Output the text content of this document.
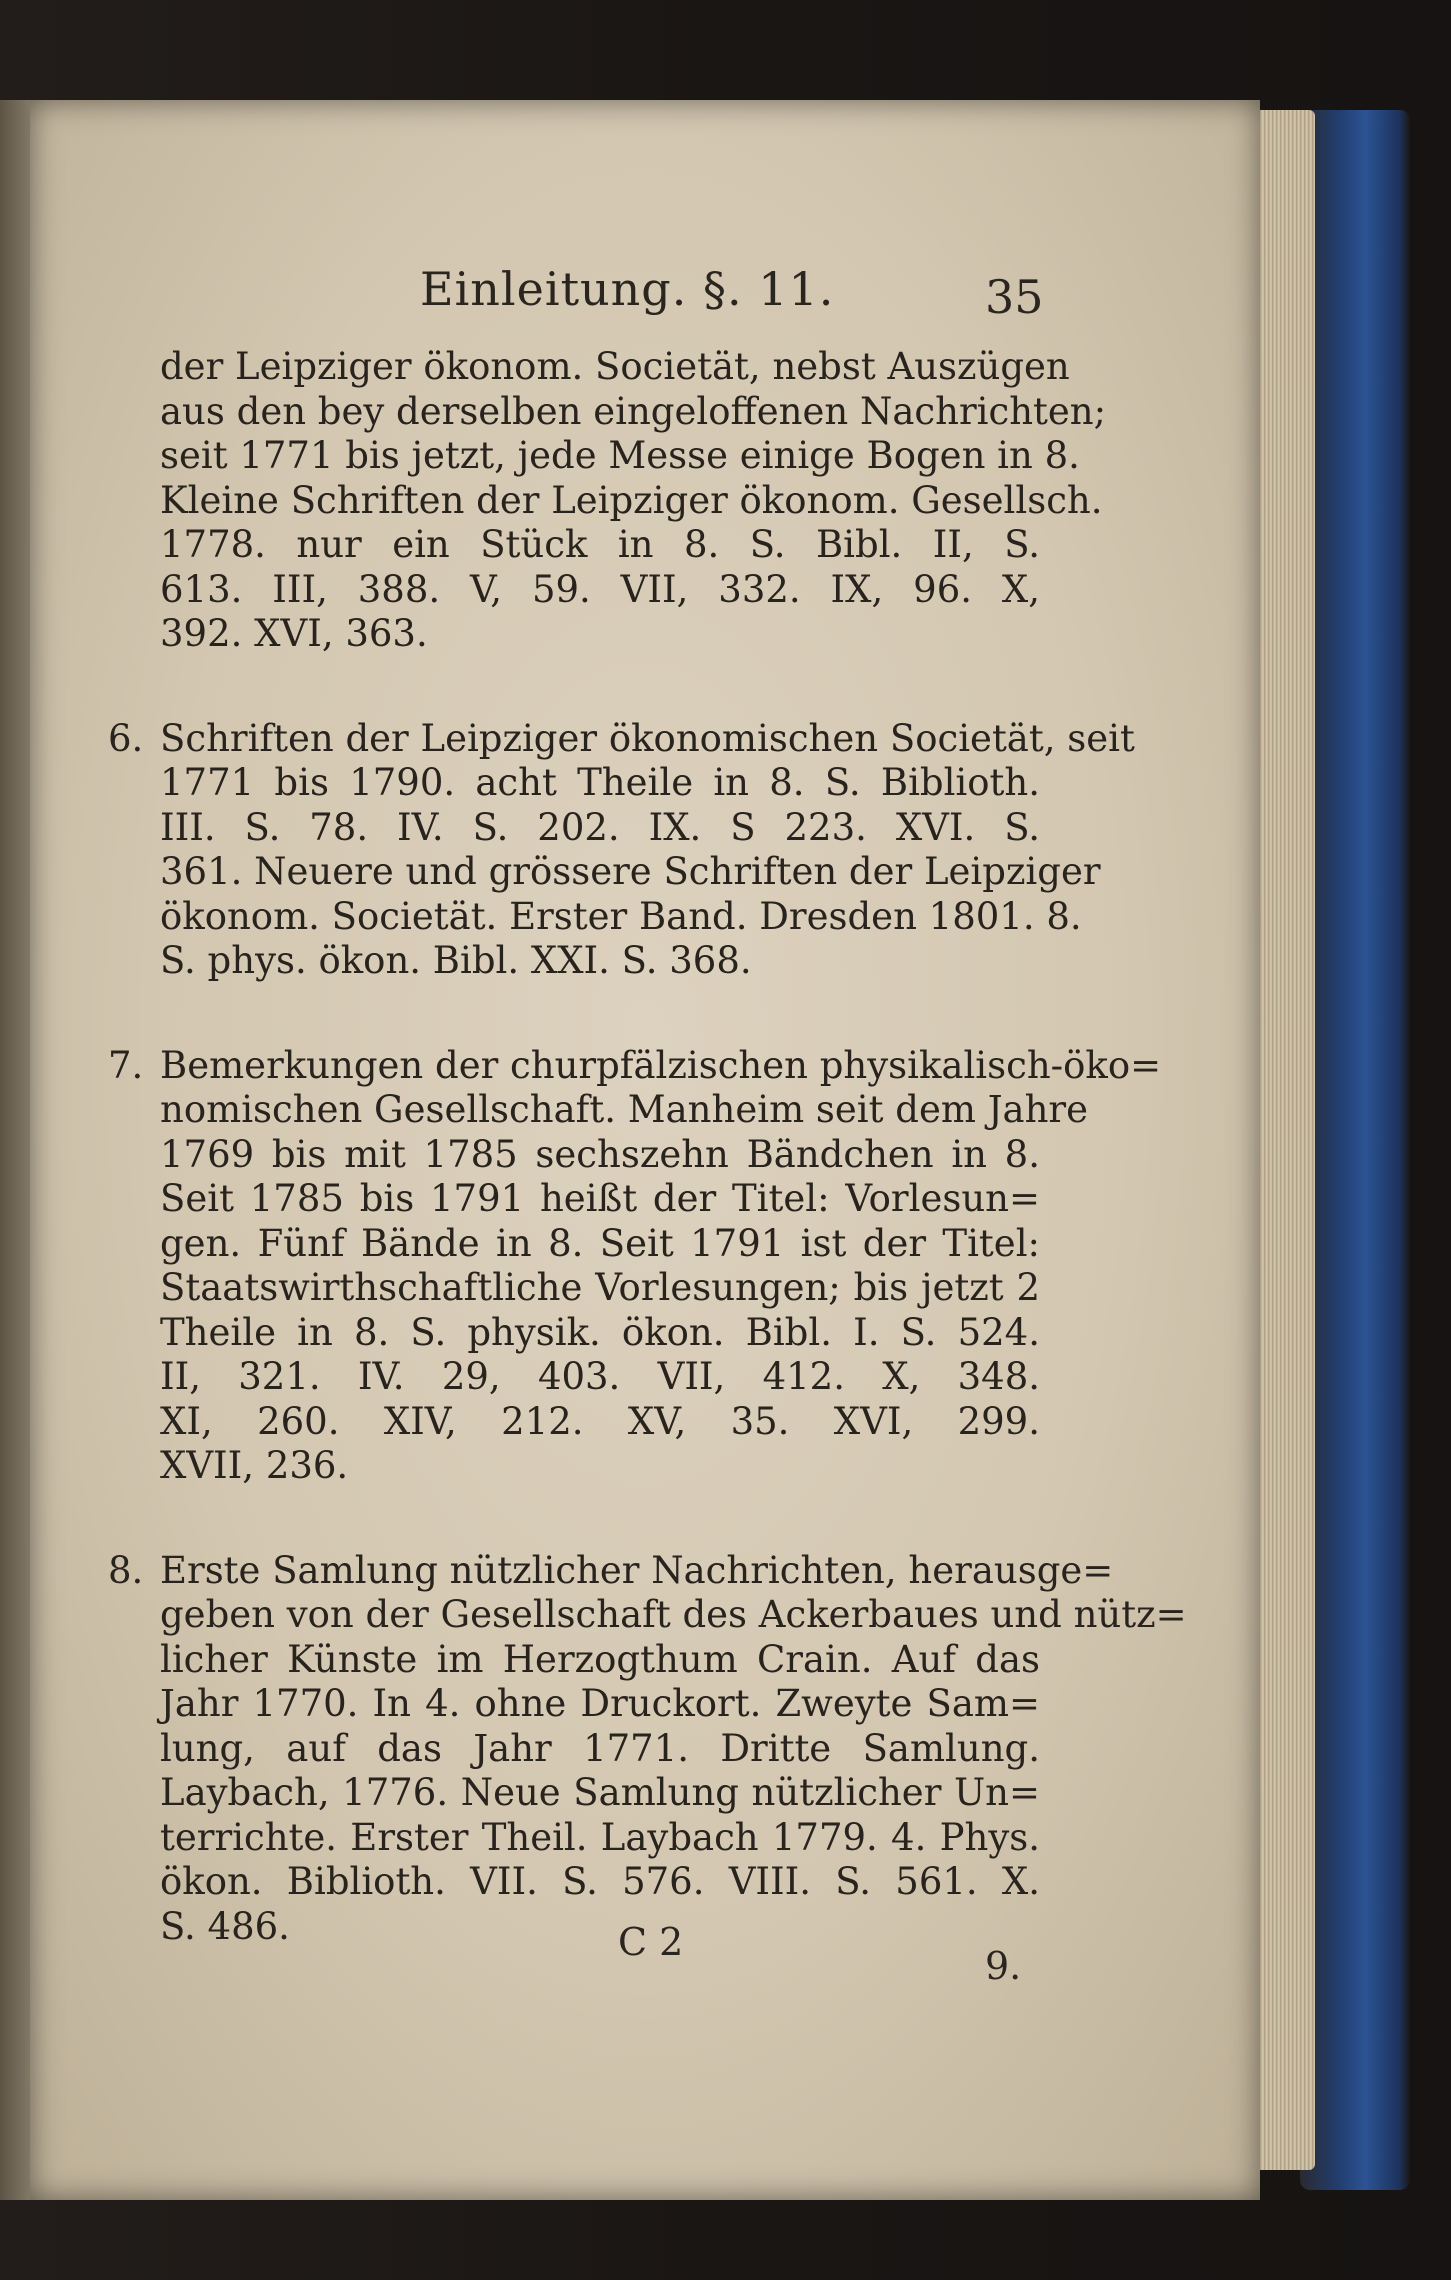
Einleitung. §. 11.	35
der Leipziger ökonom. Societät, nebst Auszügen
aus den bey derselben eingeloffenen Nachrichten;
seit 1771 bis jetzt, jede Messe einige Bogen in 8.
Kleine Schriften der Leipziger ökonom. Gesellsch.
1778. nur ein Stück in 8. S. Bibl. II, S.
613. III, 388. V, 59. VII, 332. IX, 96. X,
392. XVI, 363.
6. Schriften der Leipziger ökonomischen Societät, seit
1771 bis 1790. acht Theile in 8. S. Biblioth.
III. S. 78. IV. S. 202. IX. S 223. XVI. S.
361. Neuere und grössere Schriften der Leipziger
ökonom. Societät. Erster Band. Dresden 1801. 8.
S. phys. ökon. Bibl. XXI. S. 368.
7. Bemerkungen der churpfälzischen physikalisch-öko=
nomischen Gesellschaft. Manheim seit dem Jahre
1769 bis mit 1785 sechszehn Bändchen in 8.
Seit 1785 bis 1791 heißt der Titel: Vorlesun=
gen. Fünf Bände in 8. Seit 1791 ist der Titel:
Staatswirthschaftliche Vorlesungen; bis jetzt 2
Theile in 8. S. physik. ökon. Bibl. I. S. 524.
II, 321. IV. 29, 403. VII, 412. X, 348.
XI, 260. XIV, 212. XV, 35. XVI, 299.
XVII, 236.
8. Erste Samlung nützlicher Nachrichten, herausge=
geben von der Gesellschaft des Ackerbaues und nütz=
licher Künste im Herzogthum Crain. Auf das
Jahr 1770. In 4. ohne Druckort. Zweyte Sam=
lung, auf das Jahr 1771. Dritte Samlung.
Laybach, 1776. Neue Samlung nützlicher Un=
terrichte. Erster Theil. Laybach 1779. 4. Phys.
ökon. Biblioth. VII. S. 576. VIII. S. 561. X.
S. 486.	C 2
9.
